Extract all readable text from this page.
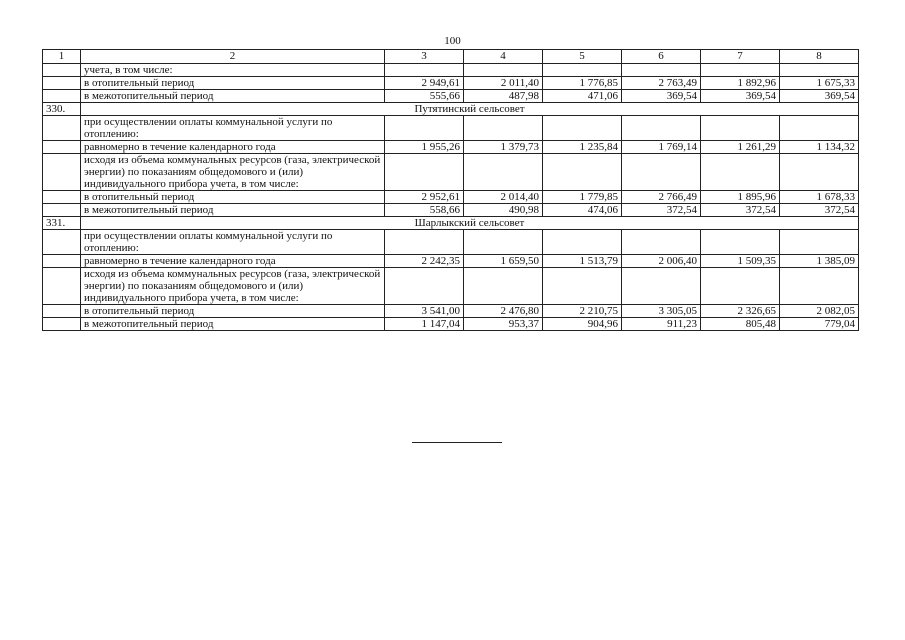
100
1	2	3	4	5	6	7	8
	учета, в том числе:						
	в отопительный период	2 949,61	2 011,40	1 776,85	2 763,49	1 892,96	1 675,33
	в межотопительный период	555,66	487,98	471,06	369,54	369,54	369,54
330.	Путятинский сельсовет						
	при осуществлении оплаты коммунальной услуги по отоплению:						
	равномерно в течение календарного года	1 955,26	1 379,73	1 235,84	1 769,14	1 261,29	1 134,32
	исходя из объема коммунальных ресурсов (газа, электрической энергии) по показаниям общедомового и (или) индивидуального прибора учета, в том числе:						
	в отопительный период	2 952,61	2 014,40	1 779,85	2 766,49	1 895,96	1 678,33
	в межотопительный период	558,66	490,98	474,06	372,54	372,54	372,54
331.	Шарлыкский сельсовет						
	при осуществлении оплаты коммунальной услуги по отоплению:						
	равномерно в течение календарного года	2 242,35	1 659,50	1 513,79	2 006,40	1 509,35	1 385,09
	исходя из объема коммунальных ресурсов (газа, электрической энергии) по показаниям общедомового и (или) индивидуального прибора учета, в том числе:						
	в отопительный период	3 541,00	2 476,80	2 210,75	3 305,05	2 326,65	2 082,05
	в межотопительный период	1 147,04	953,37	904,96	911,23	805,48	779,04
